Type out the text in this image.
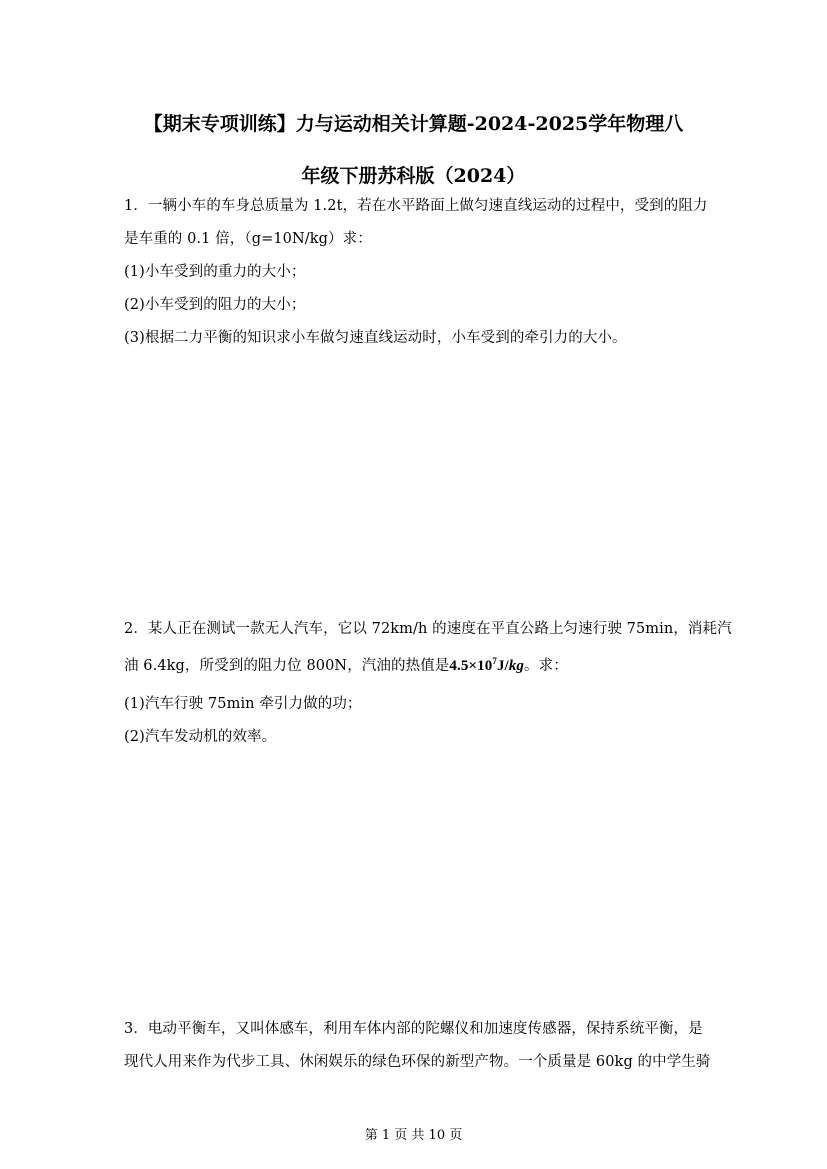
【期末专项训练】力与运动相关计算题-2024-2025学年物理八
年级下册苏科版（2024）
1．一辆小车的车身总质量为 1.2t，若在水平路面上做匀速直线运动的过程中，受到的阻力
是车重的 0.1 倍，（g=10N/kg）求：
(1)小车受到的重力的大小；
(2)小车受到的阻力的大小；
(3)根据二力平衡的知识求小车做匀速直线运动时，小车受到的牵引力的大小。
2．某人正在测试一款无人汽车，它以 72km/h 的速度在平直公路上匀速行驶 75min，消耗汽
油 6.4kg，所受到的阻力位 800N，汽油的热值是$4.5\times 10^7J/kg$。求：
(1)汽车行驶 75min 牵引力做的功；
(2)汽车发动机的效率。
3．电动平衡车，又叫体感车，利用车体内部的陀螺仪和加速度传感器，保持系统平衡，是
现代人用来作为代步工具、休闲娱乐的绿色环保的新型产物。一个质量是 60kg 的中学生骑
第 1 页 共 10 页
